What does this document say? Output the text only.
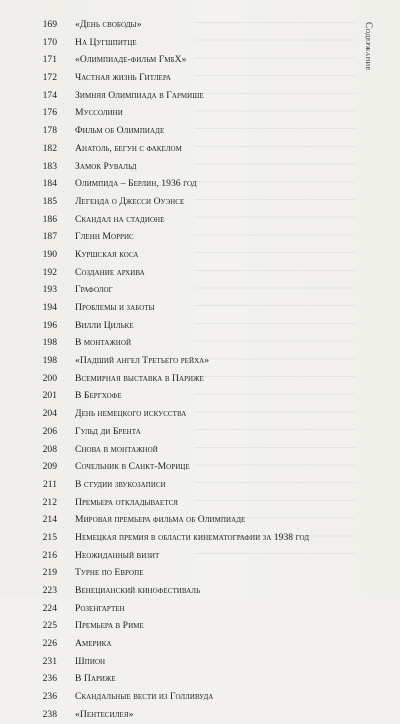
169 «День свободы»
170 На Цугшпитце
171 «Олимпиаде-фильм ГмбХ»
172 Частная жизнь Гитлера
174 Зимняя Олимпиада в Гармише
176 Муссолини
178 Фильм об Олимпиаде
182 Анатоль, бегун с факелом
183 Замок Рувальд
184 Олимпида – Берлин, 1936 год
185 Легенда о Джесси Оуэнсе
186 Скандал на стадионе
187 Гленн Моррис
190 Куршская коса
192 Создание архива
193 Графолог
194 Проблемы и заботы
196 Вилли Цилькe
198 В монтажной
198 «Падший ангел Третьего рейха»
200 Всемирная выставка в Париже
201 В Бергхофе
204 День немецкого искусства
206 Гульд ди Брента
208 Снова в монтажной
209 Сочельник в Санкт-Морице
211 В студии звукозаписи
212 Премьера откладывается
214 Мировая премьера фильма об Олимпиаде
215 Немецкая премия в области кинематографии за 1938 год
216 Неожиданный визит
219 Турне по Европе
223 Венецианский кинофестиваль
224 Розенгартен
225 Премьера в Риме
226 Америка
231 Шпион
236 В Париже
236 Скандальные вести из Голливуда
238 «Пентесилея»
Содержание
